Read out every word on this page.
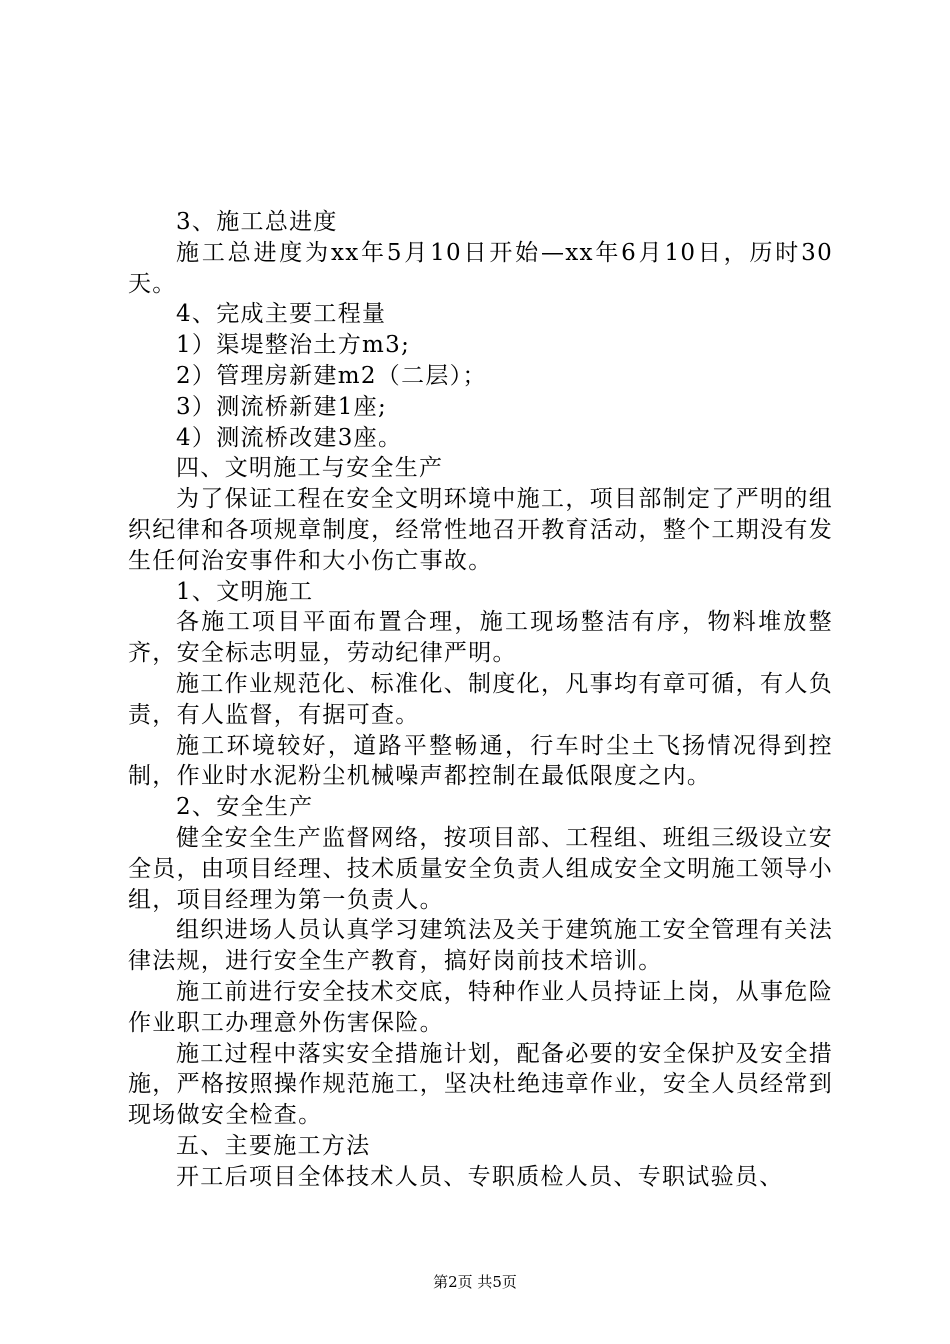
3、施工总进度

施工总进度为xx年5月10日开始—xx年6月10日，历时30天。

4、完成主要工程量

1）渠堤整治土方m3;

2）管理房新建m2（二层）；

3）测流桥新建1座;

4）测流桥改建3座。

四、文明施工与安全生产

为了保证工程在安全文明环境中施工，项目部制定了严明的组织纪律和各项规章制度，经常性地召开教育活动，整个工期没有发生任何治安事件和大小伤亡事故。

1、文明施工

各施工项目平面布置合理，施工现场整洁有序，物料堆放整齐，安全标志明显，劳动纪律严明。

施工作业规范化、标准化、制度化，凡事均有章可循，有人负责，有人监督，有据可查。

施工环境较好，道路平整畅通，行车时尘土飞扬情况得到控制，作业时水泥粉尘机械噪声都控制在最低限度之内。

2、安全生产

健全安全生产监督网络，按项目部、工程组、班组三级设立安全员，由项目经理、技术质量安全负责人组成安全文明施工领导小组，项目经理为第一负责人。

组织进场人员认真学习建筑法及关于建筑施工安全管理有关法律法规，进行安全生产教育，搞好岗前技术培训。

施工前进行安全技术交底，特种作业人员持证上岗，从事危险作业职工办理意外伤害保险。

施工过程中落实安全措施计划，配备必要的安全保护及安全措施，严格按照操作规范施工，坚决杜绝违章作业，安全人员经常到现场做安全检查。

五、主要施工方法

开工后项目全体技术人员、专职质检人员、专职试验员、

第2页 共5页
